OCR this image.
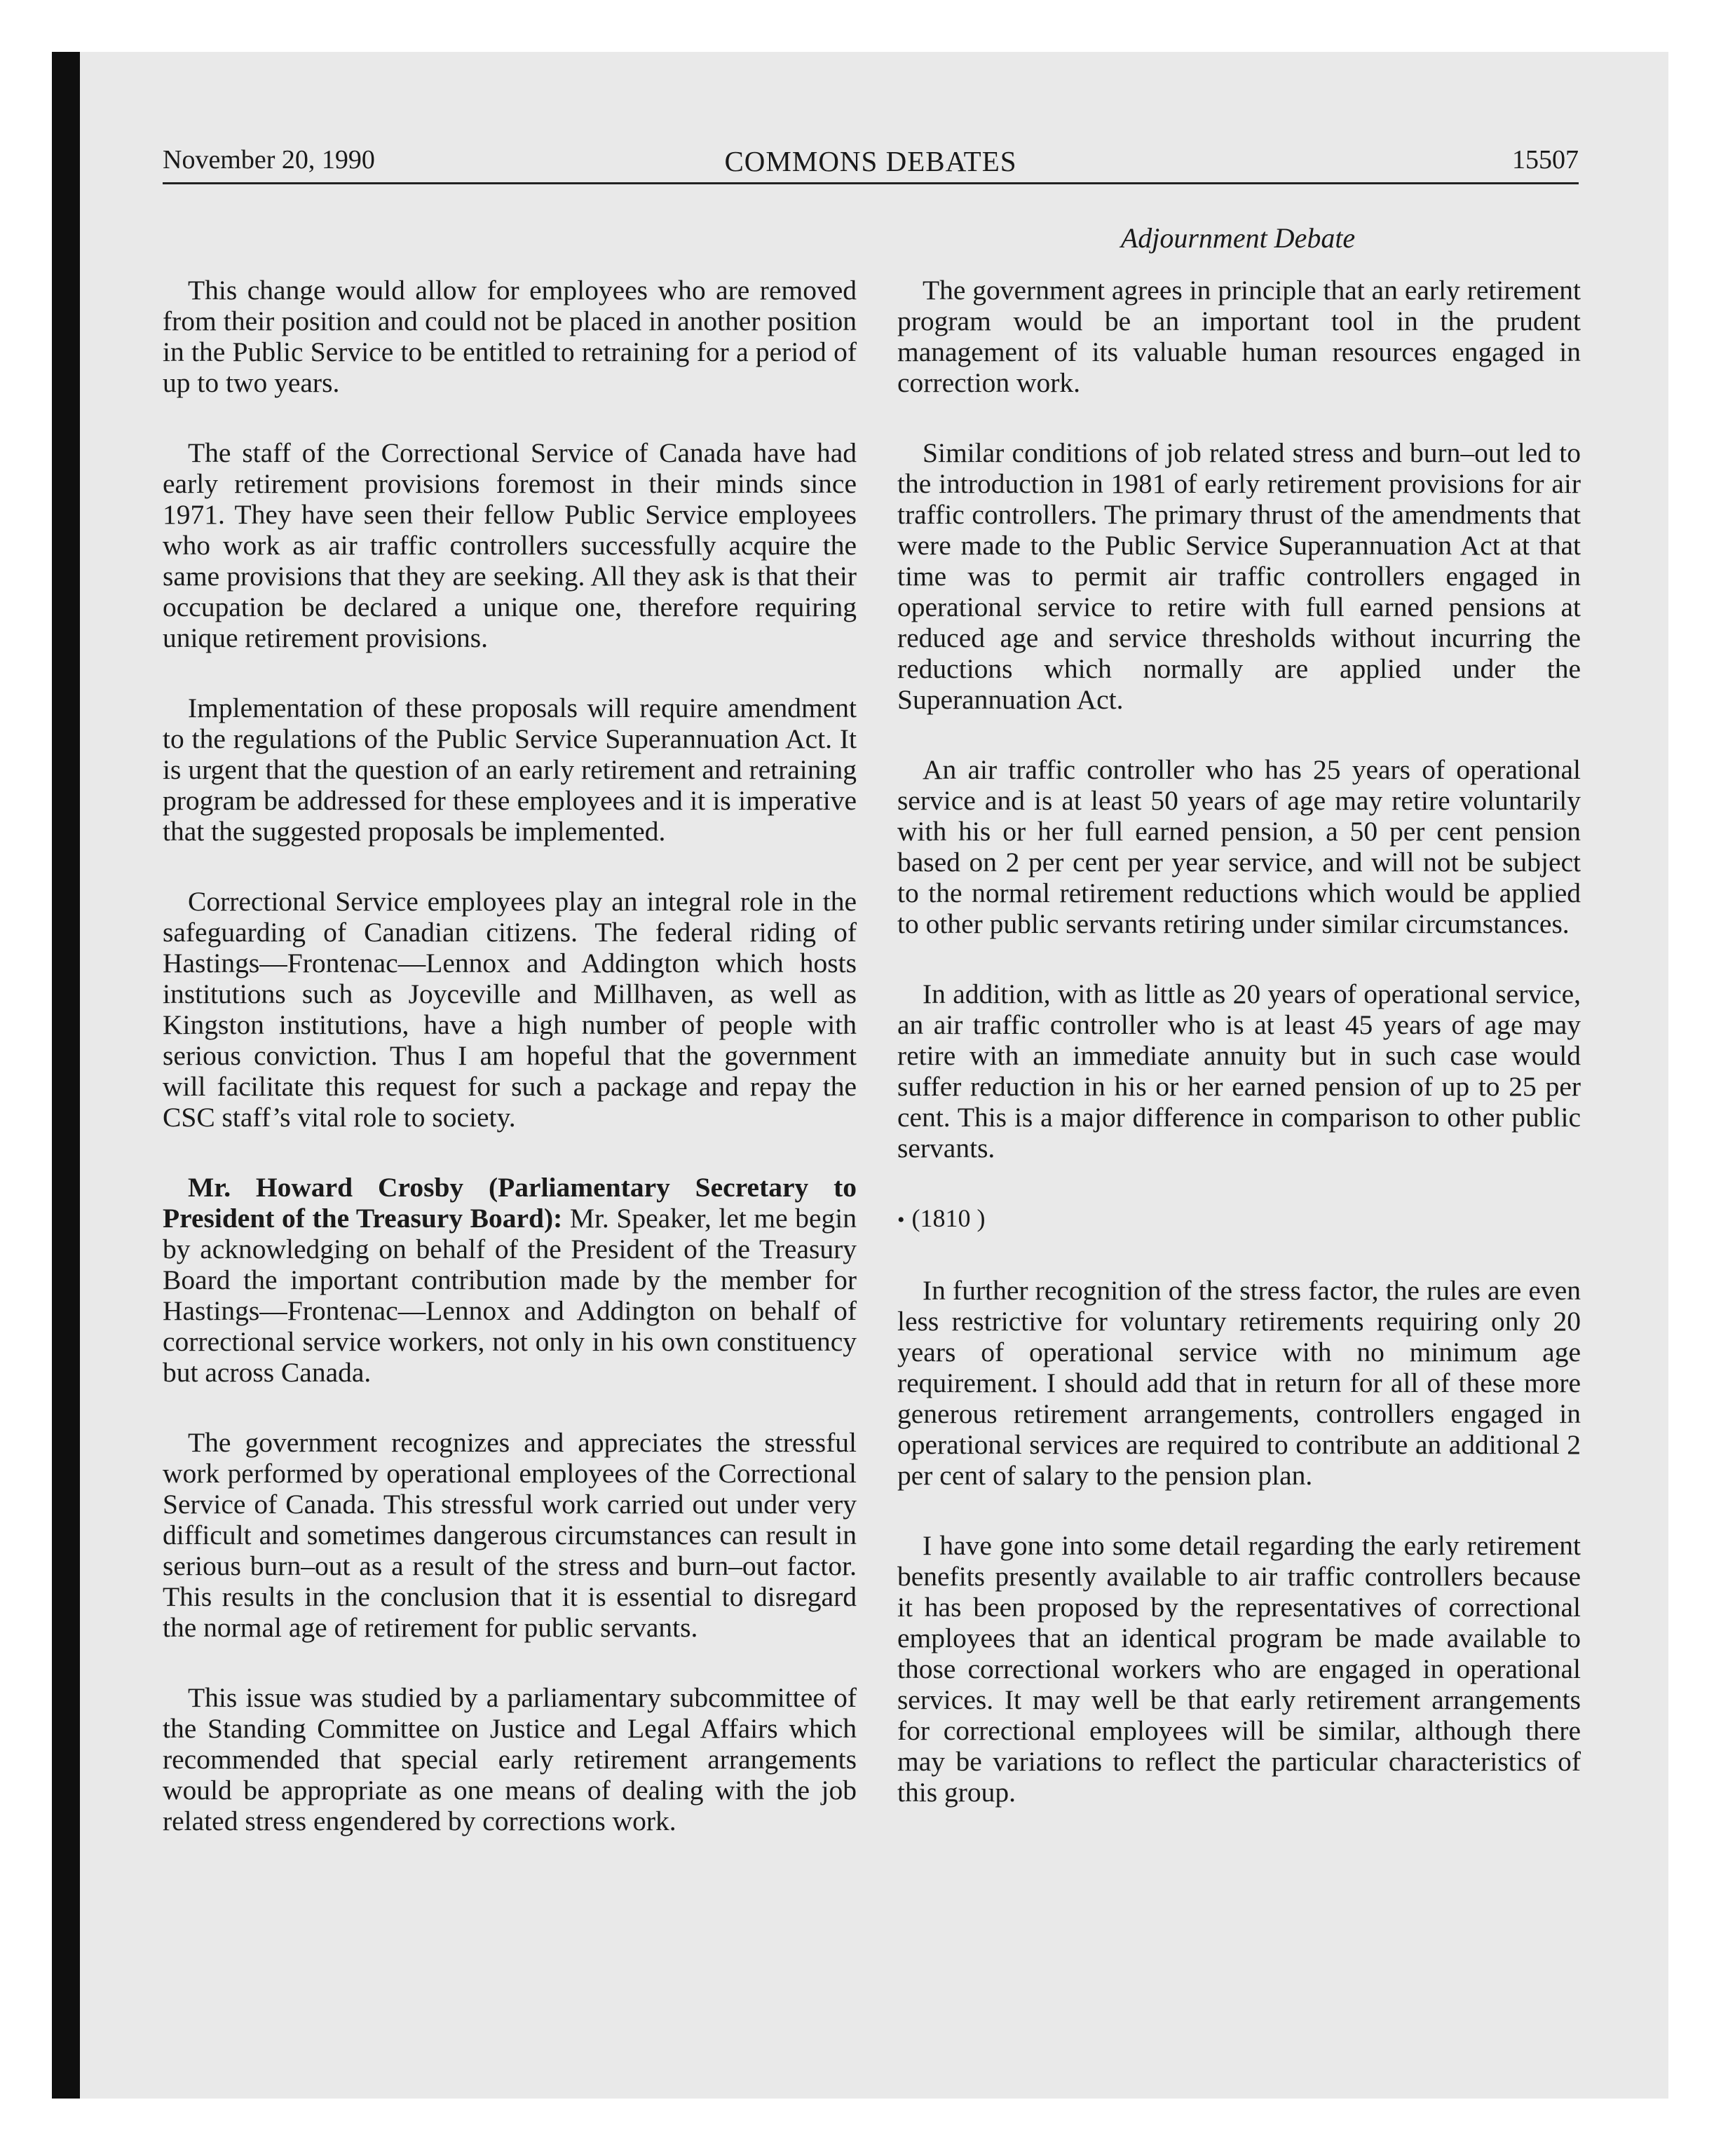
November 20, 1990	COMMONS DEBATES	15507
Adjournment Debate

This change would allow for employees who are removed from their position and could not be placed in another position in the Public Service to be entitled to retraining for a period of up to two years.

The staff of the Correctional Service of Canada have had early retirement provisions foremost in their minds since 1971. They have seen their fellow Public Service employees who work as air traffic controllers successfully acquire the same provisions that they are seeking. All they ask is that their occupation be declared a unique one, therefore requiring unique retirement provisions.

Implementation of these proposals will require amendment to the regulations of the Public Service Superannuation Act. It is urgent that the question of an early retirement and retraining program be addressed for these employees and it is imperative that the suggested proposals be implemented.

Correctional Service employees play an integral role in the safeguarding of Canadian citizens. The federal riding of Hastings—Frontenac—Lennox and Addington which hosts institutions such as Joyceville and Millhaven, as well as Kingston institutions, have a high number of people with serious conviction. Thus I am hopeful that the government will facilitate this request for such a package and repay the CSC staff’s vital role to society.

Mr. Howard Crosby (Parliamentary Secretary to President of the Treasury Board): Mr. Speaker, let me begin by acknowledging on behalf of the President of the Treasury Board the important contribution made by the member for Hastings—Frontenac—Lennox and Addington on behalf of correctional service workers, not only in his own constituency but across Canada.

The government recognizes and appreciates the stressful work performed by operational employees of the Correctional Service of Canada. This stressful work carried out under very difficult and sometimes dangerous circumstances can result in serious burn–out as a result of the stress and burn–out factor. This results in the conclusion that it is essential to disregard the normal age of retirement for public servants.

This issue was studied by a parliamentary subcommittee of the Standing Committee on Justice and Legal Affairs which recommended that special early retirement arrangements would be appropriate as one means of dealing with the job related stress engendered by corrections work.

The government agrees in principle that an early retirement program would be an important tool in the prudent management of its valuable human resources engaged in correction work.

Similar conditions of job related stress and burn–out led to the introduction in 1981 of early retirement provisions for air traffic controllers. The primary thrust of the amendments that were made to the Public Service Superannuation Act at that time was to permit air traffic controllers engaged in operational service to retire with full earned pensions at reduced age and service thresholds without incurring the reductions which normally are applied under the Superannuation Act.

An air traffic controller who has 25 years of operational service and is at least 50 years of age may retire voluntarily with his or her full earned pension, a 50 per cent pension based on 2 per cent per year service, and will not be subject to the normal retirement reductions which would be applied to other public servants retiring under similar circumstances.

In addition, with as little as 20 years of operational service, an air traffic controller who is at least 45 years of age may retire with an immediate annuity but in such case would suffer reduction in his or her earned pension of up to 25 per cent. This is a major difference in comparison to other public servants.

• (1810 )

In further recognition of the stress factor, the rules are even less restrictive for voluntary retirements requiring only 20 years of operational service with no minimum age requirement. I should add that in return for all of these more generous retirement arrangements, controllers engaged in operational services are required to contribute an additional 2 per cent of salary to the pension plan.

I have gone into some detail regarding the early retirement benefits presently available to air traffic controllers because it has been proposed by the representatives of correctional employees that an identical program be made available to those correctional workers who are engaged in operational services. It may well be that early retirement arrangements for correctional employees will be similar, although there may be variations to reflect the particular characteristics of this group.
